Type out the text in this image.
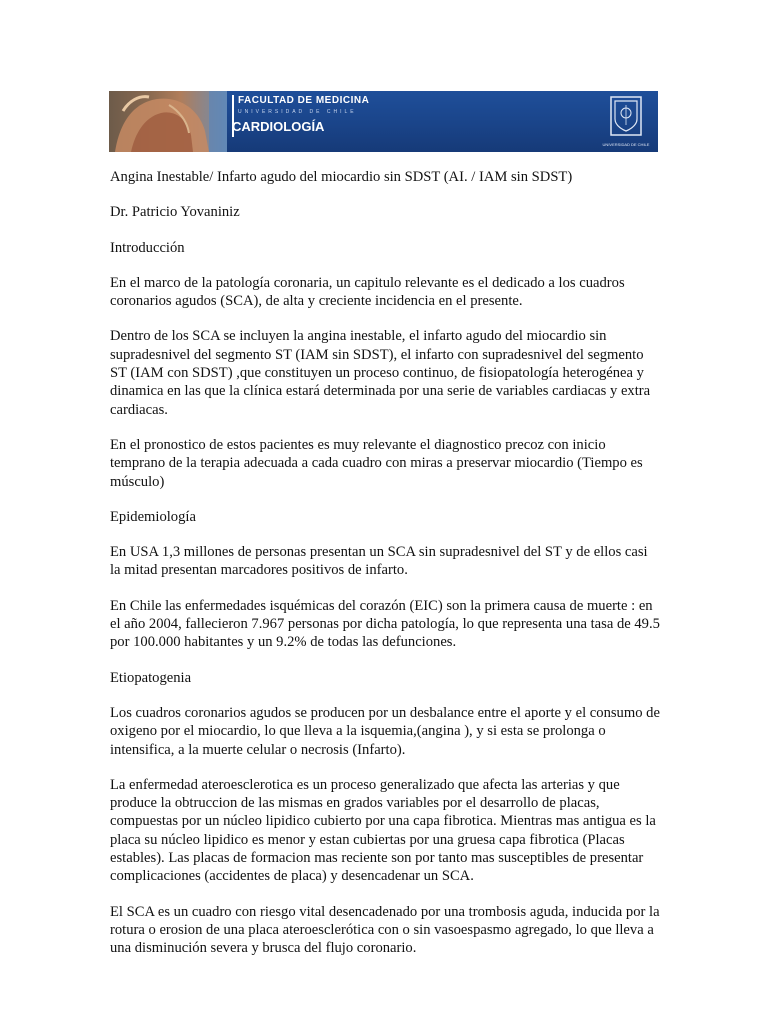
FACULTAD DE MEDICINA
UNIVERSIDAD DE CHILE
CARDIOLOGÍA
UNIVERSIDAD DE CHILE

Angina Inestable/ Infarto agudo del miocardio sin SDST (AI. / IAM sin SDST)

Dr. Patricio Yovaniniz

Introducción

En el marco de la patología coronaria, un capitulo relevante es el dedicado a los cuadros coronarios agudos (SCA), de alta y creciente incidencia en el presente.

Dentro de los SCA se incluyen la angina inestable, el infarto agudo del miocardio sin supradesnivel del segmento ST (IAM sin SDST), el infarto con supradesnivel del segmento ST (IAM con SDST) ,que constituyen un proceso continuo, de fisiopatología heterogénea y dinamica en las que la clínica estará determinada por una serie de variables cardiacas y extra cardiacas.

En el pronostico de estos pacientes es muy relevante el diagnostico precoz con inicio temprano de la terapia adecuada a cada cuadro con miras a preservar miocardio (Tiempo es músculo)

Epidemiología

En USA 1,3 millones de personas presentan un SCA sin supradesnivel del ST y de ellos casi la mitad presentan marcadores positivos de infarto.

En Chile las enfermedades isquémicas del corazón (EIC) son la primera causa de muerte : en el año 2004, fallecieron 7.967 personas por dicha patología, lo que representa una tasa de 49.5 por 100.000 habitantes y un 9.2% de todas las defunciones.

Etiopatogenia

Los cuadros coronarios agudos se producen por un desbalance entre el aporte y el consumo de oxigeno por el miocardio, lo que lleva a la isquemia,(angina ), y si esta se prolonga o intensifica, a la muerte celular o necrosis (Infarto).

La enfermedad ateroesclerotica es un proceso generalizado que afecta las arterias y que produce la obtruccion de las mismas en grados variables por el desarrollo de placas, compuestas por un núcleo lipidico cubierto por una capa fibrotica. Mientras mas antigua es la placa su núcleo lipidico es menor y estan cubiertas por una gruesa capa fibrotica (Placas estables). Las placas de formacion mas reciente son por tanto mas susceptibles de presentar complicaciones (accidentes de placa) y desencadenar un SCA.

El SCA es un cuadro con riesgo vital desencadenado por una trombosis aguda, inducida por la rotura o erosion de una placa ateroesclerótica con o sin vasoespasmo agregado, lo que lleva a una disminución severa y brusca del flujo coronario.
